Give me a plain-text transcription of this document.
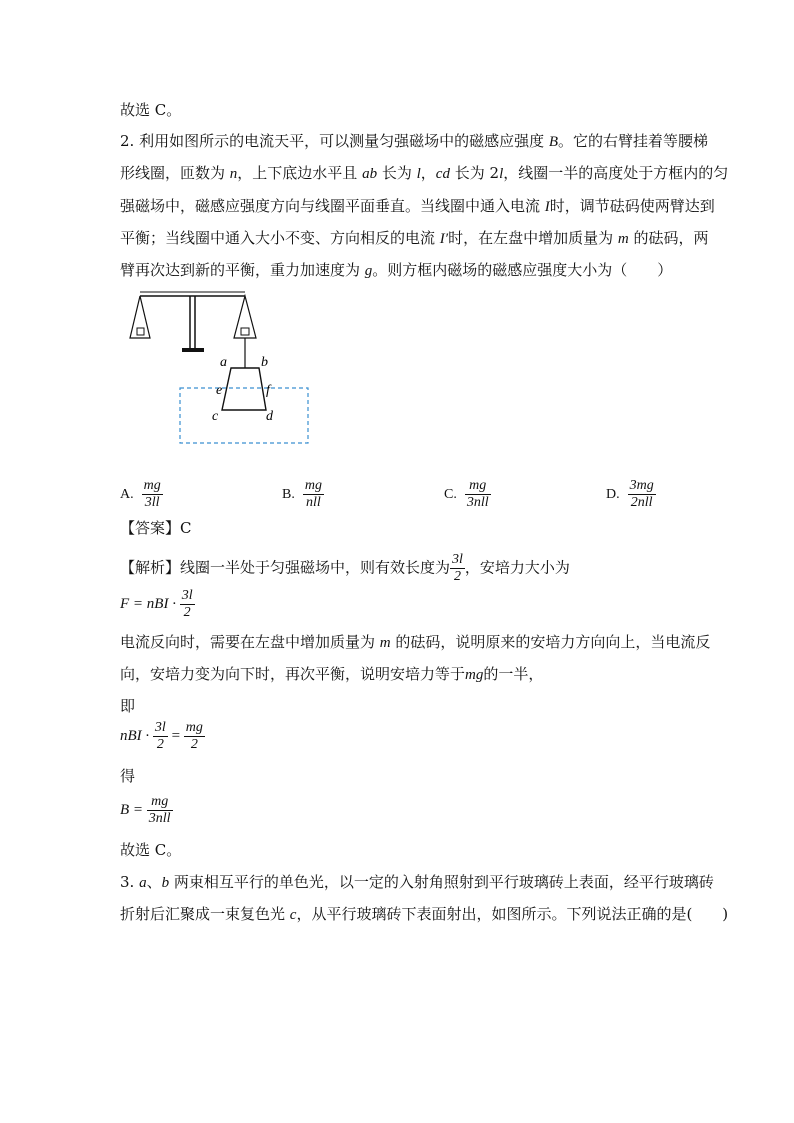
故选 C。
2. 利用如图所示的电流天平，可以测量匀强磁场中的磁感应强度 B。它的右臂挂着等腰梯
形线圈，匝数为 n，上下底边水平且 ab 长为 l，cd 长为 2l，线圈一半的高度处于方框内的匀
强磁场中，磁感应强度方向与线圈平面垂直。当线圈中通入电流 I时，调节砝码使两臂达到
平衡；当线圈中通入大小不变、方向相反的电流 I′时，在左盘中增加质量为 m 的砝码，两
臂再次达到新的平衡，重力加速度为 g。则方框内磁场的磁感应强度大小为（　　）
a b
e	f
c	d
A. $\frac{mg}{3ll}$	B. $\frac{mg}{\text{nll}}$	C. $\frac{mg}{\text{3nll}}$	D. $\frac{3mg}{\text{2nll}}$
【答案】C
【解析】线圈一半处于匀强磁场中，则有效长度为 $\frac{3l}{2}$ ，安培力大小为
F = nBI · $\frac{3l}{2}$
电流反向时，需要在左盘中增加质量为 m 的砝码，说明原来的安培力方向向上，当电流反
向，安培力变为向下时，再次平衡，说明安培力等于mg的一半，
即
nBI · $\frac{3l}{2} = \frac{mg}{2}$
得
$B = \frac{mg}{\text{3nll}}$
故选 C。
3. a、b 两束相互平行的单色光，以一定的入射角照射到平行玻璃砖上表面，经平行玻璃砖
折射后汇聚成一束复色光 c，从平行玻璃砖下表面射出，如图所示。下列说法正确的是(　　)
